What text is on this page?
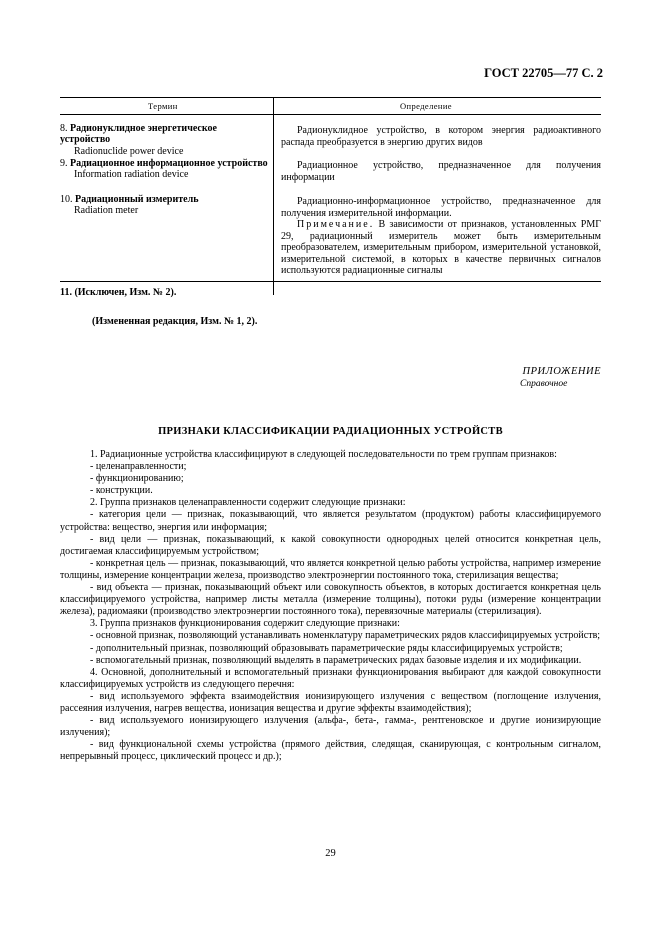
ГОСТ 22705—77 С. 2
Термин	Определение
8. Радионуклидное энергетическое устройство
Radionuclide power device
Радионуклидное устройство, в котором энергия радиоактивного распада преобразуется в энергию других видов
9. Радиационное информационное устройство
Information radiation device
Радиационное устройство, предназначенное для получения информации
10. Радиационный измеритель
Radiation meter
Радиационно-информационное устройство, предназначенное для получения измерительной информации.
Примечание. В зависимости от признаков, установленных РМГ 29, радиационный измеритель может быть измерительным преобразователем, измерительным прибором, измерительной установкой, измерительной системой, в которых в качестве первичных сигналов используются радиационные сигналы
11. (Исключен, Изм. № 2).
(Измененная редакция, Изм. № 1, 2).
ПРИЛОЖЕНИЕ
Справочное
ПРИЗНАКИ КЛАССИФИКАЦИИ РАДИАЦИОННЫХ УСТРОЙСТВ

1. Радиационные устройства классифицируют в следующей последовательности по трем группам признаков:

- целенаправленности;

- функционированию;

- конструкции.

2. Группа признаков целенаправленности содержит следующие признаки:

- категория цели — признак, показывающий, что является результатом (продуктом) работы классифицируемого устройства: вещество, энергия или информация;

- вид цели — признак, показывающий, к какой совокупности однородных целей относится конкретная цель, достигаемая классифицируемым устройством;

- конкретная цель — признак, показывающий, что является конкретной целью работы устройства, например измерение толщины, измерение концентрации железа, производство электроэнергии постоянного тока, стерилизация вещества;

- вид объекта — признак, показывающий объект или совокупность объектов, в которых достигается конкретная цель классифицируемого устройства, например листы металла (измерение толщины), потоки руды (измерение концентрации железа), радиомаяки (производство электроэнергии постоянного тока), перевязочные материалы (стерилизация).

3. Группа признаков функционирования содержит следующие признаки:

- основной признак, позволяющий устанавливать номенклатуру параметрических рядов классифицируемых устройств;

- дополнительный признак, позволяющий образовывать параметрические ряды классифицируемых устройств;

- вспомогательный признак, позволяющий выделять в параметрических рядах базовые изделия и их модификации.

4. Основной, дополнительный и вспомогательный признаки функционирования выбирают для каждой совокупности классифицируемых устройств из следующего перечня:

- вид используемого эффекта взаимодействия ионизирующего излучения с веществом (поглощение излучения, рассеяния излучения, нагрев вещества, ионизация вещества и другие эффекты взаимодействия);

- вид используемого ионизирующего излучения (альфа-, бета-, гамма-, рентгеновское и другие ионизирующие излучения);

- вид функциональной схемы устройства (прямого действия, следящая, сканирующая, с контрольным сигналом, непрерывный процесс, циклический процесс и др.);

29
